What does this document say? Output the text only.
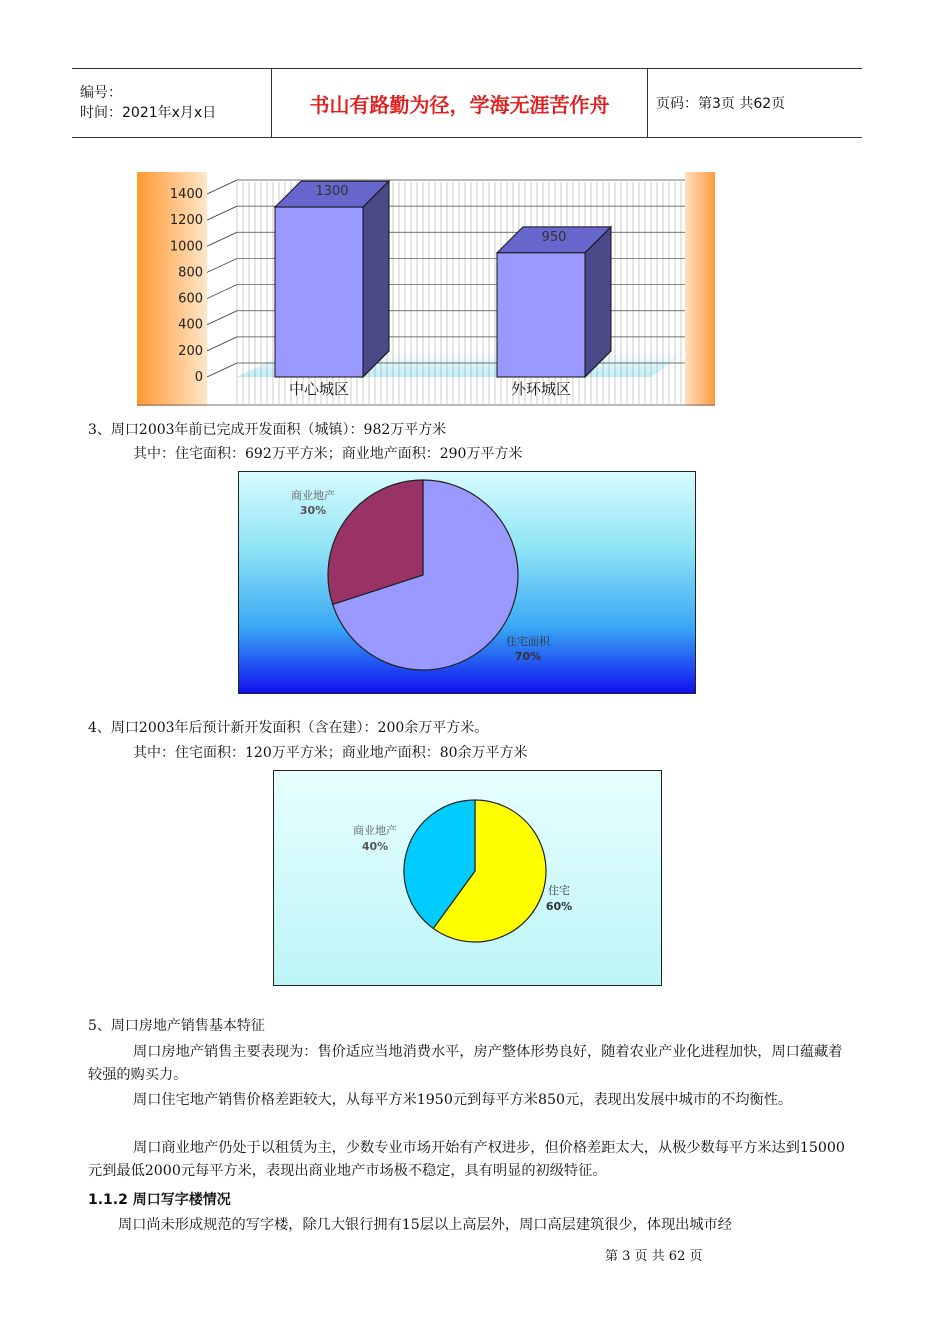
编号：
时间：2021年x月x日	书山有路勤为径，学海无涯苦作舟	页码：第3页 共62页
0
200
400
600
800
1000
1200
1400	1300
950
中心城区	外环城区
3、周口2003年前已完成开发面积（城镇）：982万平方米
其中：住宅面积：692万平方米；商业地产面积：290万平方米
商业地产
30%
住宅面积
70%
4、周口2003年后预计新开发面积（含在建）：200余万平方米。
其中：住宅面积：120万平方米；商业地产面积：80余万平方米
商业地产
40%
住宅
60%
5、周口房地产销售基本特征
周口房地产销售主要表现为：售价适应当地消费水平，房产整体形势良好，随着农业产业化进程加快，周口蕴藏着较强的购买力。
周口住宅地产销售价格差距较大，从每平方米1950元到每平方米850元，表现出发展中城市的不均衡性。
周口商业地产仍处于以租赁为主，少数专业市场开始有产权进步，但价格差距太大，从极少数每平方米达到15000元到最低2000元每平方米，表现出商业地产市场极不稳定，具有明显的初级特征。
1.1.2 周口写字楼情况
周口尚未形成规范的写字楼，除几大银行拥有15层以上高层外，周口高层建筑很少，体现出城市经
第 3 页 共 62 页
